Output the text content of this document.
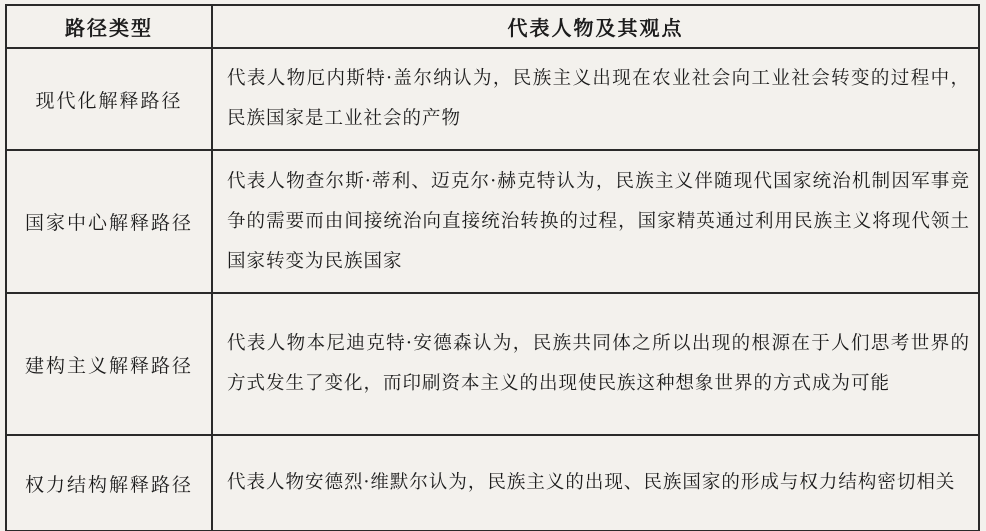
路径类型	代表人物及其观点
现代化解释路径	代表人物厄内斯特·盖尔纳认为，民族主义出现在农业社会向工业社会转变的过程中，民族国家是工业社会的产物
国家中心解释路径	代表人物查尔斯·蒂利、迈克尔·赫克特认为，民族主义伴随现代国家统治机制因军事竞争的需要而由间接统治向直接统治转换的过程，国家精英通过利用民族主义将现代领土国家转变为民族国家
建构主义解释路径	代表人物本尼迪克特·安德森认为，民族共同体之所以出现的根源在于人们思考世界的方式发生了变化，而印刷资本主义的出现使民族这种想象世界的方式成为可能
权力结构解释路径	代表人物安德烈·维默尔认为，民族主义的出现、民族国家的形成与权力结构密切相关
